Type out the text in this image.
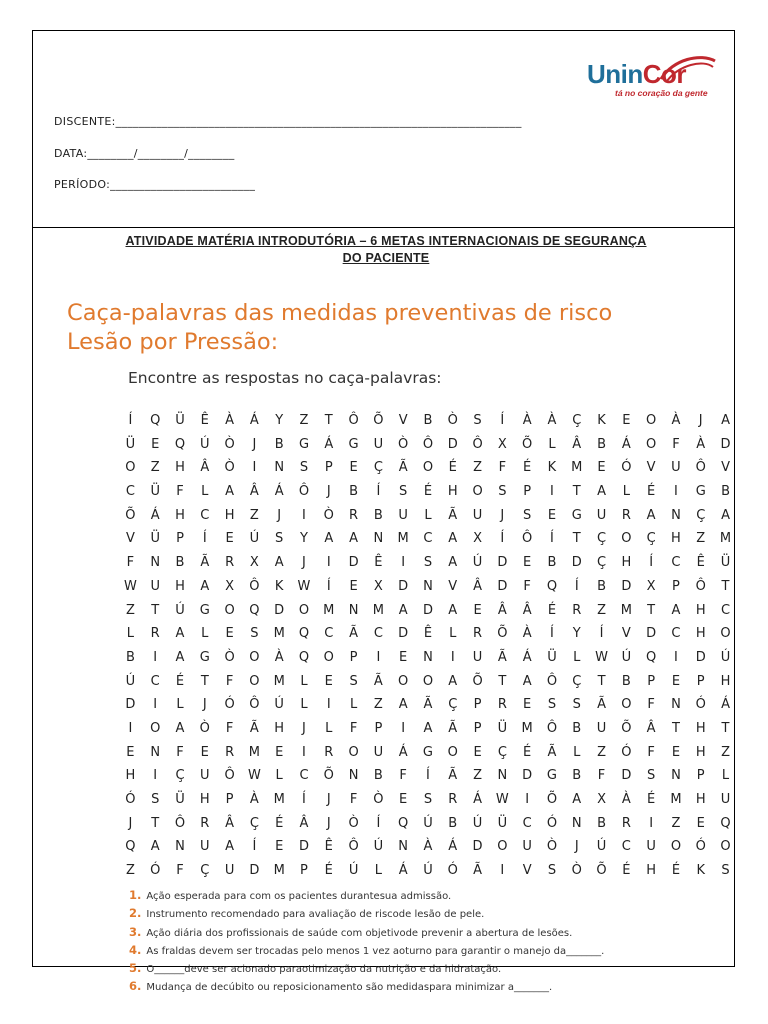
DISCENTE:______________________________________________________________________
DATA:________/________/________
PERÍODO:_________________________
UninCor
tá no coração da gente
ATIVIDADE MATÉRIA INTRODUTÓRIA – 6 METAS INTERNACIONAIS DE SEGURANÇA
DO PACIENTE
Caça-palavras das medidas preventivas de risco
Lesão por Pressão:
Encontre as respostas no caça-palavras:
Í	Q	Ü	Ê	À	Á	Y	Z	T	Ô	Õ	V	B	Ò	S	Í	À	À	Ç	K	E	O	À	J	A
Ü	E	Q	Ú	Ò	J	B	G	Á	G	U	Ò	Ô	D	Ô	X	Õ	L	Â	B	Á	O	F	À	D
O	Z	H	Â	Ò	I	N	S	P	E	Ç	Ã	O	É	Z	F	É	K	M	E	Ó	V	U	Ô	V
C	Ü	F	L	A	Â	Á	Ô	J	B	Í	S	É	H	O	S	P	I	T	A	L	É	I	G	B
Õ	Á	H	C	H	Z	J	I	Ò	R	B	U	L	Ã	U	J	S	E	G	U	R	A	N	Ç	A
V	Ü	P	Í	E	Ú	S	Y	A	A	N	M	C	A	X	Í	Ô	Í	T	Ç	O	Ç	H	Z	M
F	N	B	Ã	R	X	A	J	I	D	Ê	I	S	A	Ú	D	E	B	D	Ç	H	Í	C	Ê	Ü
W	U	H	A	X	Ô	K	W	Í	E	X	D	N	V	Â	D	F	Q	Í	B	D	X	P	Ô	T
Z	T	Ú	G	O	Q	D	O	M	N	M	A	D	A	E	Â	Â	É	R	Z	M	T	A	H	C
L	R	A	L	E	S	M	Q	C	Ã	C	D	Ê	L	R	Õ	À	Í	Y	Í	V	D	C	H	O
B	I	A	G	Ò	O	À	Q	O	P	I	E	N	I	U	Ã	Á	Ü	L	W	Ú	Q	I	D	Ú
Ú	C	É	T	F	O	M	L	E	S	Ã	O	O	A	Õ	T	A	Ô	Ç	T	B	P	E	P	H
D	I	L	J	Ó	Ô	Ú	L	I	L	Z	A	Ã	Ç	P	R	E	S	S	Ã	O	F	N	Ó	Á
I	O	A	Ò	F	Ã	H	J	L	F	P	I	A	Ã	P	Ü	M	Ô	B	U	Õ	Â	T	H	T
E	N	F	E	R	M	E	I	R	O	U	Á	G	O	E	Ç	É	Ã	L	Z	Ó	F	E	H	Z
H	I	Ç	U	Ô	W	L	C	Õ	N	B	F	Í	Ã	Z	N	D	G	B	F	D	S	N	P	L
Ó	S	Ü	H	P	À	M	Í	J	F	Ò	E	S	R	Á	W	I	Õ	A	X	À	É	M	H	U
J	T	Ô	R	Â	Ç	É	Â	J	Ò	Í	Q	Ú	B	Ú	Ü	C	Ó	N	B	R	I	Z	E	Q
Q	A	N	U	A	Í	E	D	Ê	Ô	Ú	N	À	Á	D	O	U	Ò	J	Ú	C	U	O	Ó	O
Z	Ó	F	Ç	U	D	M	P	É	Ú	L	Á	Ú	Ó	Ã	I	V	S	Ò	Õ	É	H	É	K	S
1. Ação esperada para com os pacientes durantesua admissão.
2. Instrumento recomendado para avaliação de riscode lesão de pele.
3. Ação diária dos profissionais de saúde com objetivode prevenir a abertura de lesões.
4. As fraldas devem ser trocadas pelo menos 1 vez aoturno para garantir o manejo da_______.
5. O______deve ser acionado paraotimização da nutrição e da hidratação.
6. Mudança de decúbito ou reposicionamento são medidaspara minimizar a_______.
